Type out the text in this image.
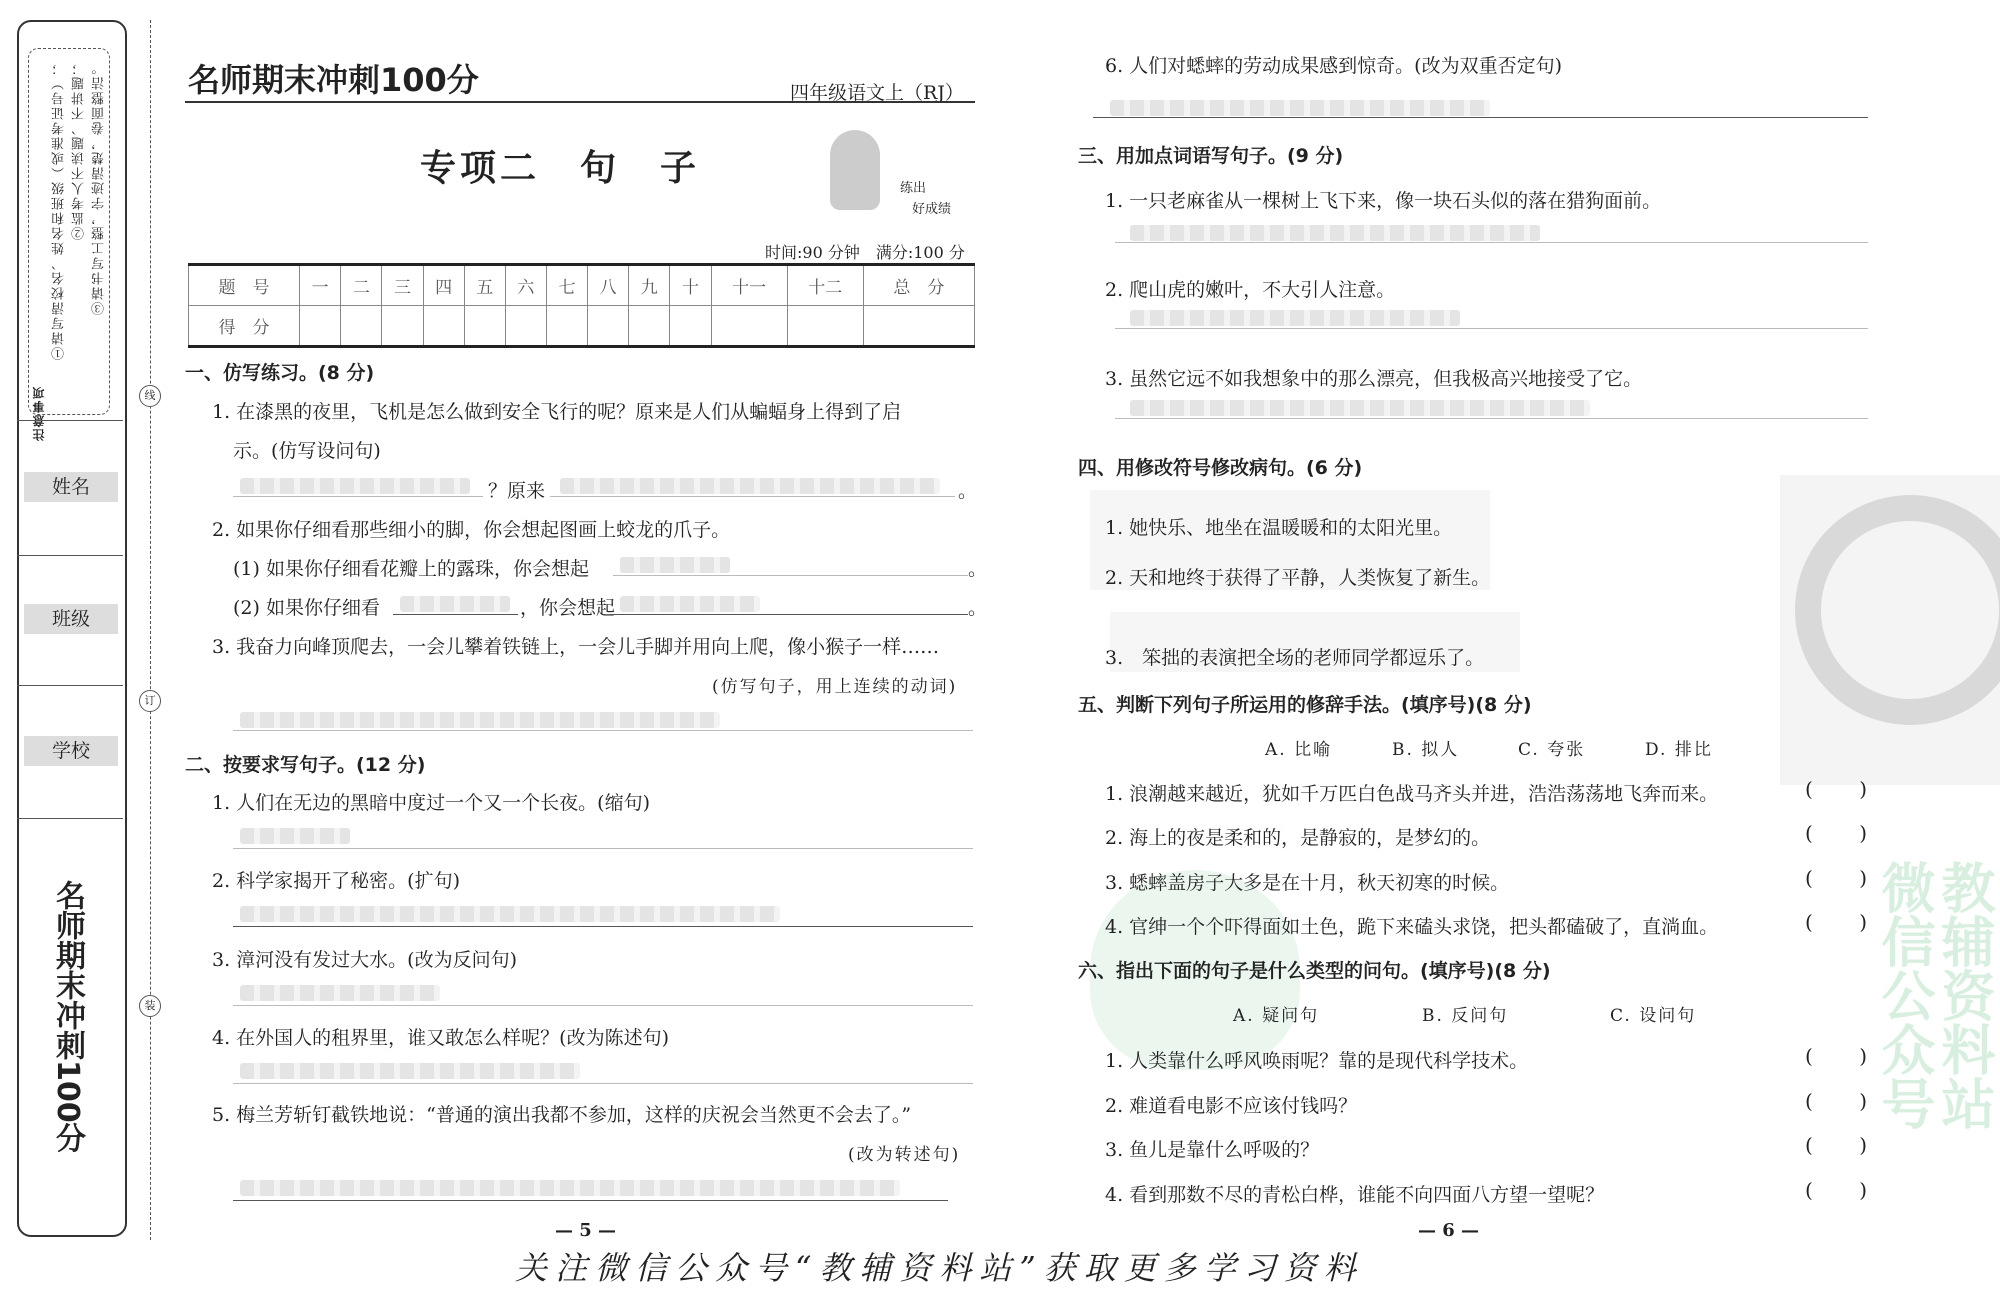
注意事项
①请写清校名、姓名和班级（或准考证号）； ②监考人不读题、不讲题； ③请书写工整，字迹清楚，卷面整洁。
姓名
班级
学校
名师期末冲刺100分
线
订
装
名师期末冲刺100分	四年级语文上（RJ）
专项二　句　子	练出
好成绩
时间:90 分钟　满分:100 分
题　号	一	二	三	四	五	六	七	八	九	十	十一	十二	总　分
得　分													
一、仿写练习。(8 分)
1. 在漆黑的夜里，飞机是怎么做到安全飞行的呢？原来是人们从蝙蝠身上得到了启
示。(仿写设问句)
？原来	。
2. 如果你仔细看那些细小的脚，你会想起图画上蛟龙的爪子。
(1) 如果你仔细看花瓣上的露珠，你会想起	。
(2) 如果你仔细看	，你会想起	。
3. 我奋力向峰顶爬去，一会儿攀着铁链上，一会儿手脚并用向上爬，像小猴子一样……
(仿写句子，用上连续的动词)
二、按要求写句子。(12 分)
1. 人们在无边的黑暗中度过一个又一个长夜。(缩句)
2. 科学家揭开了秘密。(扩句)
3. 漳河没有发过大水。(改为反问句)
4. 在外国人的租界里，谁又敢怎么样呢？(改为陈述句)
5. 梅兰芳斩钉截铁地说：“普通的演出我都不参加，这样的庆祝会当然更不会去了。”
(改为转述句)
— 5 —
微信公众号
教辅资料站
6. 人们对蟋蟀的劳动成果感到惊奇。(改为双重否定句)
三、用加点词语写句子。(9 分)
1. 一只老麻雀从一棵树上飞下来，像一块石头似的落在猎狗面前。
2. 爬山虎的嫩叶，不大引人注意。
3. 虽然它远不如我想象中的那么漂亮，但我极高兴地接受了它。
四、用修改符号修改病句。(6 分)
1. 她快乐、地坐在温暖暖和的太阳光里。
2. 天和地终于获得了平静，人类恢复了新生。
3.　笨拙的表演把全场的老师同学都逗乐了。
五、判断下列句子所运用的修辞手法。(填序号)(8 分)
A. 比喻	B. 拟人	C. 夸张	D. 排比
1. 浪潮越来越近，犹如千万匹白色战马齐头并进，浩浩荡荡地飞奔而来。
2. 海上的夜是柔和的，是静寂的，是梦幻的。
3. 蟋蟀盖房子大多是在十月，秋天初寒的时候。
4. 官绅一个个吓得面如土色，跪下来磕头求饶，把头都磕破了，直淌血。
( )
( )
( )
( )
六、指出下面的句子是什么类型的问句。(填序号)(8 分)
A. 疑问句	B. 反问句	C. 设问句
1. 人类靠什么呼风唤雨呢？靠的是现代科学技术。
2. 难道看电影不应该付钱吗？
3. 鱼儿是靠什么呼吸的？
4. 看到那数不尽的青松白桦，谁能不向四面八方望一望呢？
( )
( )
( )
( )
— 6 —
关注微信公众号“教辅资料站”获取更多学习资料
